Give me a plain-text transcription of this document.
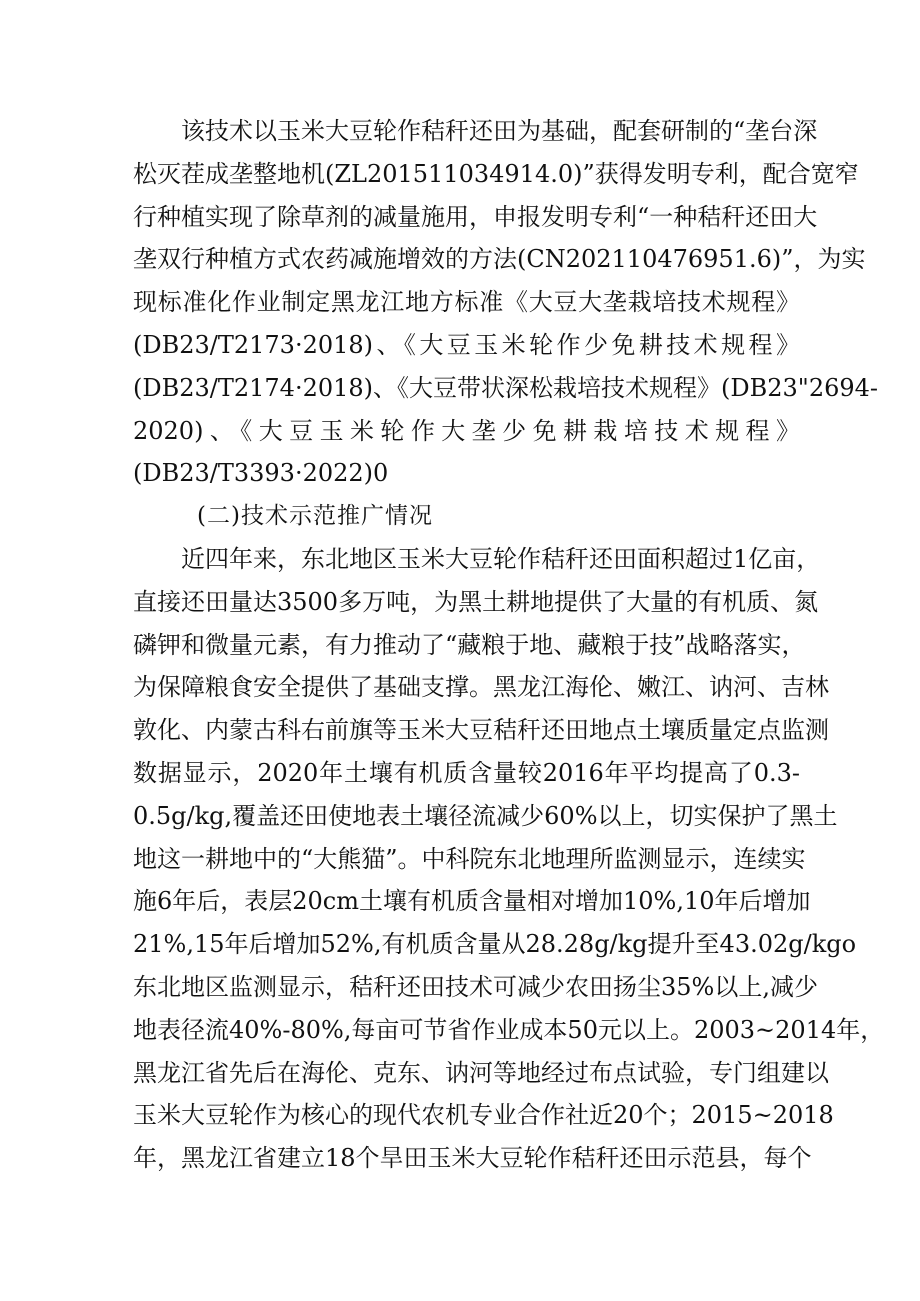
该技术以玉米大豆轮作秸秆还田为基础，配套研制的“垄台深
松灭茬成垄整地机(ZL201511034914.0)”获得发明专利，配合宽窄
行种植实现了除草剂的减量施用，申报发明专利“一种秸秆还田大
垄双行种植方式农药减施增效的方法(CN202110476951.6)”，为实
现标准化作业制定黑龙江地方标准《大豆大垄栽培技术规程》
(DB23/T2173·2018)、《大豆玉米轮作少免耕技术规程》
(DB23/T2174·2018)、《大豆带状深松栽培技术规程》(DB23"2694-
2020)、《大豆玉米轮作大垄少免耕栽培技术规程》
(DB23/T3393·2022)0
(二)技术示范推广情况
近四年来，东北地区玉米大豆轮作秸秆还田面积超过1亿亩，
直接还田量达3500多万吨，为黑土耕地提供了大量的有机质、氮
磷钾和微量元素，有力推动了“藏粮于地、藏粮于技”战略落实，
为保障粮食安全提供了基础支撑。黑龙江海伦、嫩江、讷河、吉林
敦化、内蒙古科右前旗等玉米大豆秸秆还田地点土壤质量定点监测
数据显示，2020年土壤有机质含量较2016年平均提高了0.3-
0.5g/kg,覆盖还田使地表土壤径流减少60%以上，切实保护了黑土
地这一耕地中的“大熊猫”。中科院东北地理所监测显示，连续实
施6年后，表层20cm土壤有机质含量相对增加10%,10年后增加
21%,15年后增加52%,有机质含量从28.28g/kg提升至43.02g/kgo
东北地区监测显示，秸秆还田技术可减少农田扬尘35%以上,减少
地表径流40%-80%,每亩可节省作业成本50元以上。2003~2014年，
黑龙江省先后在海伦、克东、讷河等地经过布点试验，专门组建以
玉米大豆轮作为核心的现代农机专业合作社近20个；2015~2018
年，黑龙江省建立18个旱田玉米大豆轮作秸秆还田示范县，每个
